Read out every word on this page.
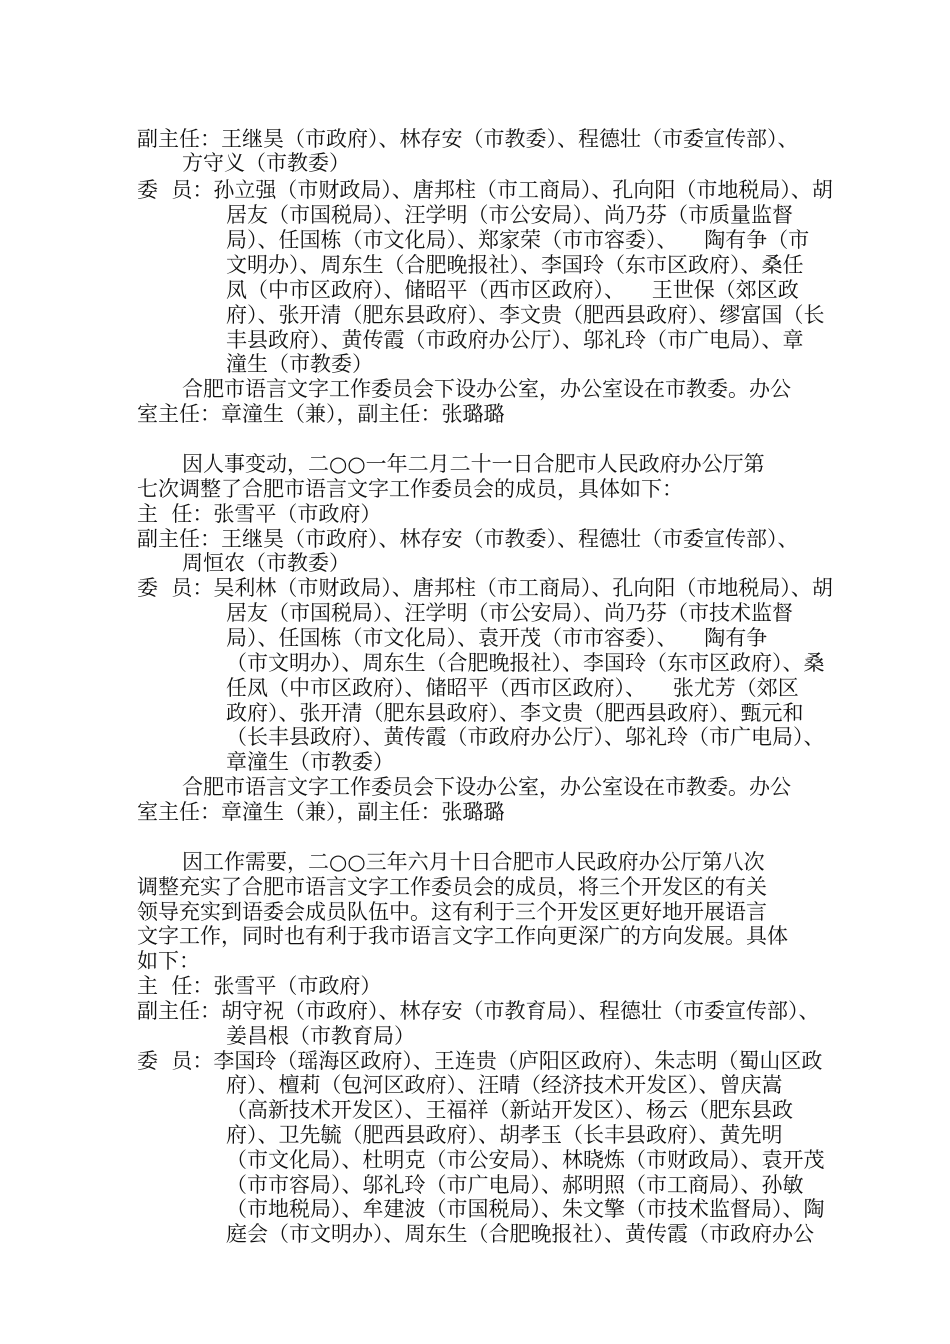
副主任：王继昊（市政府）、林存安（市教委）、程德壮（市委宣传部）、
方守义（市教委）
委  员：孙立强（市财政局）、唐邦柱（市工商局）、孔向阳（市地税局）、胡
居友（市国税局）、汪学明（市公安局）、尚乃芬（市质量监督
局）、任国栋（市文化局）、郑家荣（市市容委）、    陶有争（市
文明办）、周东生（合肥晚报社）、李国玲（东市区政府）、桑任
凤（中市区政府）、储昭平（西市区政府）、    王世保（郊区政
府）、张开清（肥东县政府）、李文贵（肥西县政府）、缪富国（长
丰县政府）、黄传霞（市政府办公厅）、邬礼玲（市广电局）、章
潼生（市教委）
合肥市语言文字工作委员会下设办公室，办公室设在市教委。办公
室主任：章潼生（兼），副主任：张璐璐
因人事变动，二○○一年二月二十一日合肥市人民政府办公厅第
七次调整了合肥市语言文字工作委员会的成员，具体如下：
主  任：张雪平（市政府）
副主任：王继昊（市政府）、林存安（市教委）、程德壮（市委宣传部）、
周恒农（市教委）
委  员：吴利林（市财政局）、唐邦柱（市工商局）、孔向阳（市地税局）、胡
居友（市国税局）、汪学明（市公安局）、尚乃芬（市技术监督
局）、任国栋（市文化局）、袁开茂（市市容委）、    陶有争
（市文明办）、周东生（合肥晚报社）、李国玲（东市区政府）、桑
任凤（中市区政府）、储昭平（西市区政府）、    张尤芳（郊区
政府）、张开清（肥东县政府）、李文贵（肥西县政府）、甄元和
（长丰县政府）、黄传霞（市政府办公厅）、邬礼玲（市广电局）、
章潼生（市教委）
合肥市语言文字工作委员会下设办公室，办公室设在市教委。办公
室主任：章潼生（兼），副主任：张璐璐
因工作需要，二○○三年六月十日合肥市人民政府办公厅第八次
调整充实了合肥市语言文字工作委员会的成员，将三个开发区的有关
领导充实到语委会成员队伍中。这有利于三个开发区更好地开展语言
文字工作，同时也有利于我市语言文字工作向更深广的方向发展。具体
如下：
主  任：张雪平（市政府）
副主任：胡守祝（市政府）、林存安（市教育局）、程德壮（市委宣传部）、
姜昌根（市教育局）
委  员：李国玲（瑶海区政府）、王连贵（庐阳区政府）、朱志明（蜀山区政
府）、檀莉（包河区政府）、汪晴（经济技术开发区）、曾庆嵩
（高新技术开发区）、王福祥（新站开发区）、杨云（肥东县政
府）、卫先毓（肥西县政府）、胡孝玉（长丰县政府）、黄先明
（市文化局）、杜明克（市公安局）、林晓炼（市财政局）、袁开茂
（市市容局）、邬礼玲（市广电局）、郝明照（市工商局）、孙敏
（市地税局）、牟建波（市国税局）、朱文擎（市技术监督局）、陶
庭会（市文明办）、周东生（合肥晚报社）、黄传霞（市政府办公
